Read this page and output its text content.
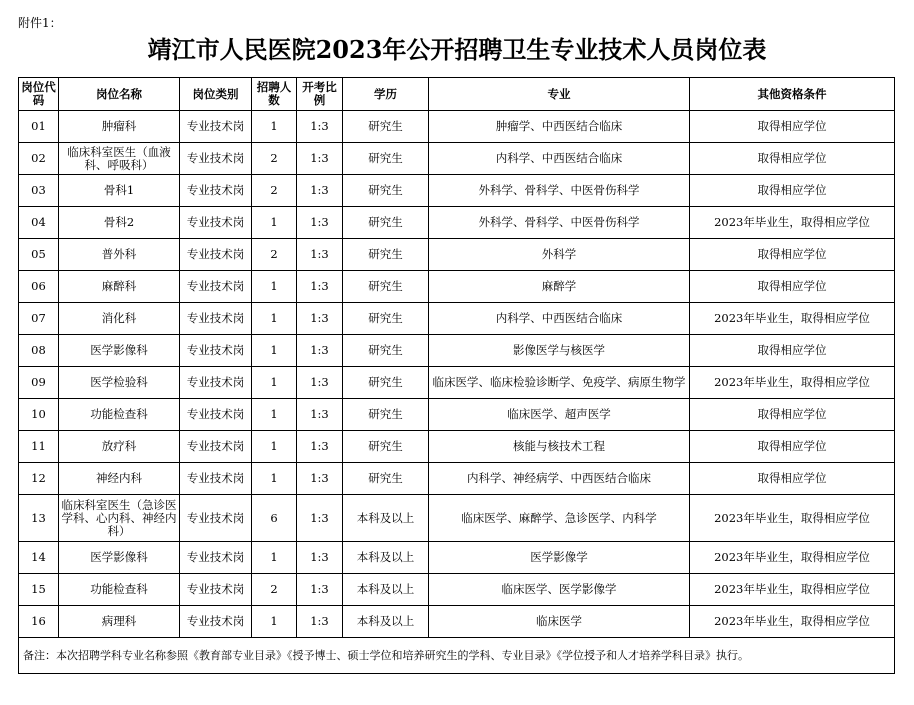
附件1：
靖江市人民医院2023年公开招聘卫生专业技术人员岗位表
岗位代码	岗位名称	岗位类别	招聘人数	开考比例	学历	专业	其他资格条件
01	肿瘤科	专业技术岗	1	1:3	研究生	肿瘤学、中西医结合临床	取得相应学位
02	临床科室医生（血液科、呼吸科）	专业技术岗	2	1:3	研究生	内科学、中西医结合临床	取得相应学位
03	骨科1	专业技术岗	2	1:3	研究生	外科学、骨科学、中医骨伤科学	取得相应学位
04	骨科2	专业技术岗	1	1:3	研究生	外科学、骨科学、中医骨伤科学	2023年毕业生，取得相应学位
05	普外科	专业技术岗	2	1:3	研究生	外科学	取得相应学位
06	麻醉科	专业技术岗	1	1:3	研究生	麻醉学	取得相应学位
07	消化科	专业技术岗	1	1:3	研究生	内科学、中西医结合临床	2023年毕业生，取得相应学位
08	医学影像科	专业技术岗	1	1:3	研究生	影像医学与核医学	取得相应学位
09	医学检验科	专业技术岗	1	1:3	研究生	临床医学、临床检验诊断学、免疫学、病原生物学	2023年毕业生，取得相应学位
10	功能检查科	专业技术岗	1	1:3	研究生	临床医学、超声医学	取得相应学位
11	放疗科	专业技术岗	1	1:3	研究生	核能与核技术工程	取得相应学位
12	神经内科	专业技术岗	1	1:3	研究生	内科学、神经病学、中西医结合临床	取得相应学位
13	临床科室医生（急诊医学科、心内科、神经内科）	专业技术岗	6	1:3	本科及以上	临床医学、麻醉学、急诊医学、内科学	2023年毕业生，取得相应学位
14	医学影像科	专业技术岗	1	1:3	本科及以上	医学影像学	2023年毕业生，取得相应学位
15	功能检查科	专业技术岗	2	1:3	本科及以上	临床医学、医学影像学	2023年毕业生，取得相应学位
16	病理科	专业技术岗	1	1:3	本科及以上	临床医学	2023年毕业生，取得相应学位
备注：本次招聘学科专业名称参照《教育部专业目录》《授予博士、硕士学位和培养研究生的学科、专业目录》《学位授予和人才培养学科目录》执行。							
